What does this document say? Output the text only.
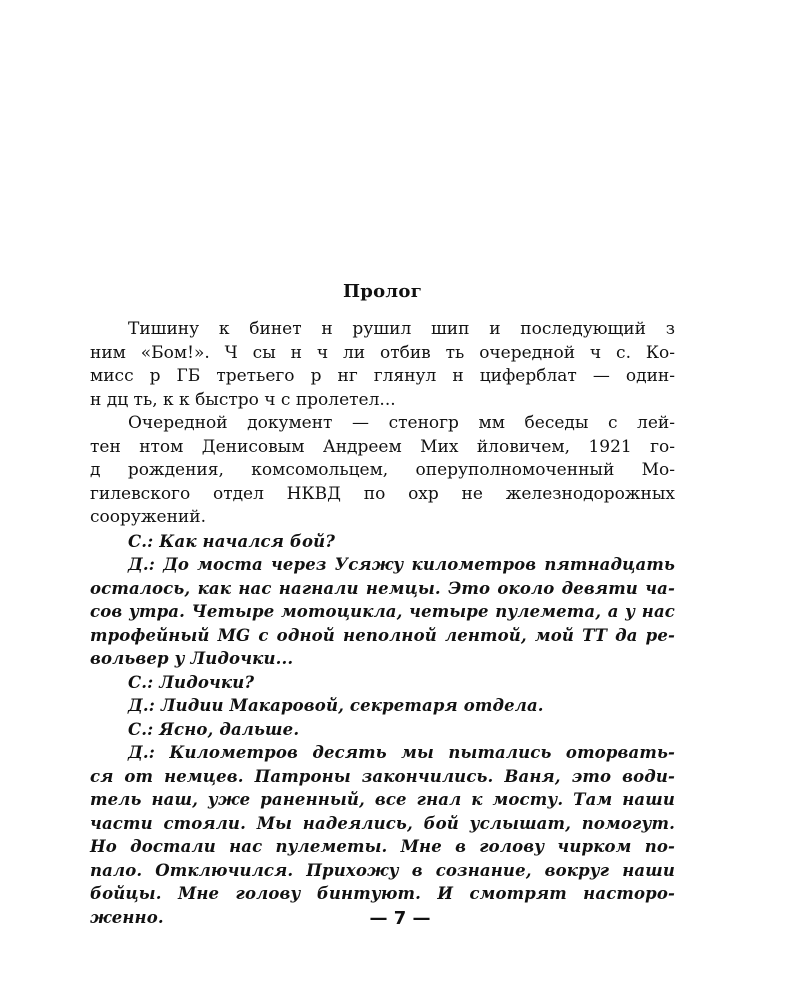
Пролог
Тишину к бинет н рушил шип и последующий з
ним «Бом!». Ч сы н ч ли отбив ть очередной ч с. Ко-
мисс р ГБ третьего р нг глянул н циферблат — один-
н дц ть, к к быстро ч с пролетел...
Очередной документ — стеногр мм беседы с лей-
тен нтом Денисовым Андреем Мих йловичем, 1921 го-
д рождения, комсомольцем, оперуполномоченный Мо-
гилевского отдел НКВД по охр не железнодорожных
сооружений.
С.: Как начался бой?
Д.: До моста через Усяжу километров пятнадцать
осталось, как нас нагнали немцы. Это около девяти ча-
сов утра. Четыре мотоцикла, четыре пулемета, а у нас
трофейный MG с одной неполной лентой, мой ТТ да ре-
вольвер у Лидочки...
С.: Лидочки?
Д.: Лидии Макаровой, секретаря отдела.
С.: Ясно, дальше.
Д.: Километров десять мы пытались оторвать-
ся от немцев. Патроны закончились. Ваня, это води-
тель наш, уже раненный, все гнал к мосту. Там наши
части стояли. Мы надеялись, бой услышат, помогут.
Но достали нас пулеметы. Мне в голову чирком по-
пало. Отключился. Прихожу в сознание, вокруг наши
бойцы. Мне голову бинтуют. И смотрят насторо-
женно.	— 7 —
